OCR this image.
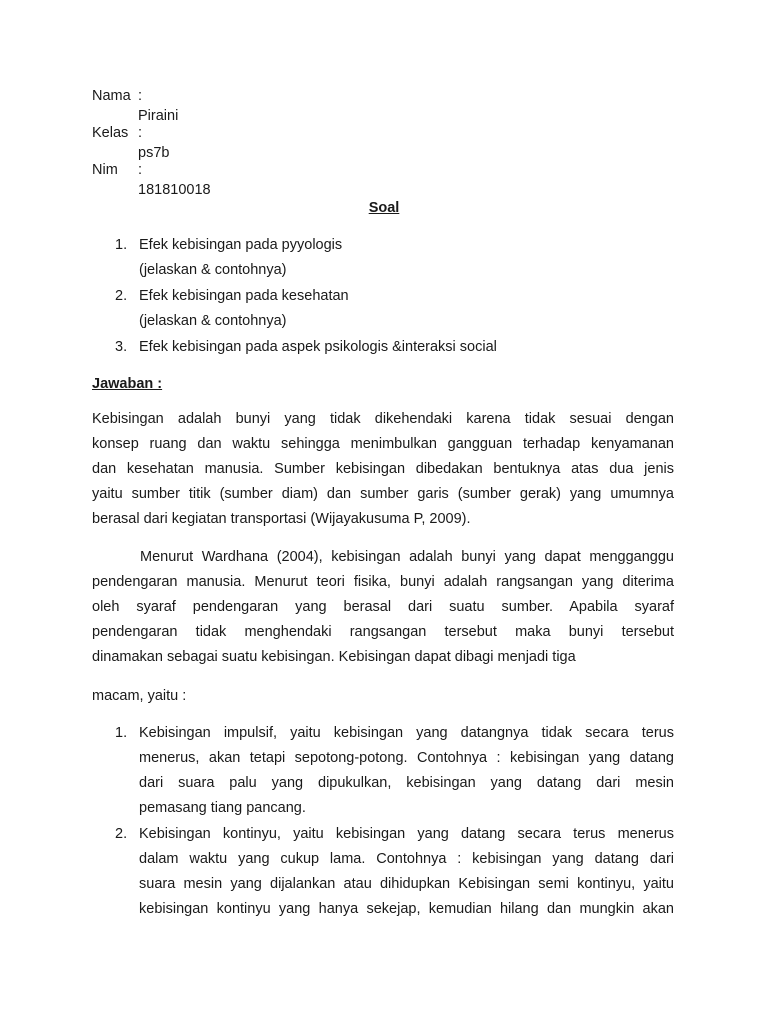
Nama : Piraini
Kelas : ps7b
Nim : 181810018
Soal
1. Efek kebisingan pada pyyologis
(jelaskan & contohnya)
2. Efek kebisingan pada kesehatan
(jelaskan & contohnya)
3. Efek kebisingan pada aspek psikologis &interaksi social
Jawaban :
Kebisingan adalah bunyi yang tidak dikehendaki karena tidak sesuai dengan
konsep ruang dan waktu sehingga menimbulkan gangguan terhadap kenyamanan
dan kesehatan manusia. Sumber kebisingan dibedakan bentuknya atas dua jenis
yaitu sumber titik (sumber diam) dan sumber garis (sumber gerak) yang umumnya
berasal dari kegiatan transportasi (Wijayakusuma P, 2009).
Menurut Wardhana (2004), kebisingan adalah bunyi yang dapat mengganggu
pendengaran manusia. Menurut teori fisika, bunyi adalah rangsangan yang diterima
oleh syaraf pendengaran yang berasal dari suatu sumber. Apabila syaraf
pendengaran tidak menghendaki rangsangan tersebut maka bunyi tersebut
dinamakan sebagai suatu kebisingan. Kebisingan dapat dibagi menjadi tiga
macam, yaitu :
1. Kebisingan impulsif, yaitu kebisingan yang datangnya tidak secara terus
menerus, akan tetapi sepotong-potong. Contohnya : kebisingan yang datang
dari suara palu yang dipukulkan, kebisingan yang datang dari mesin
pemasang tiang pancang.
2. Kebisingan kontinyu, yaitu kebisingan yang datang secara terus menerus
dalam waktu yang cukup lama. Contohnya : kebisingan yang datang dari
suara mesin yang dijalankan atau dihidupkan Kebisingan semi kontinyu, yaitu
kebisingan kontinyu yang hanya sekejap, kemudian hilang dan mungkin akan
